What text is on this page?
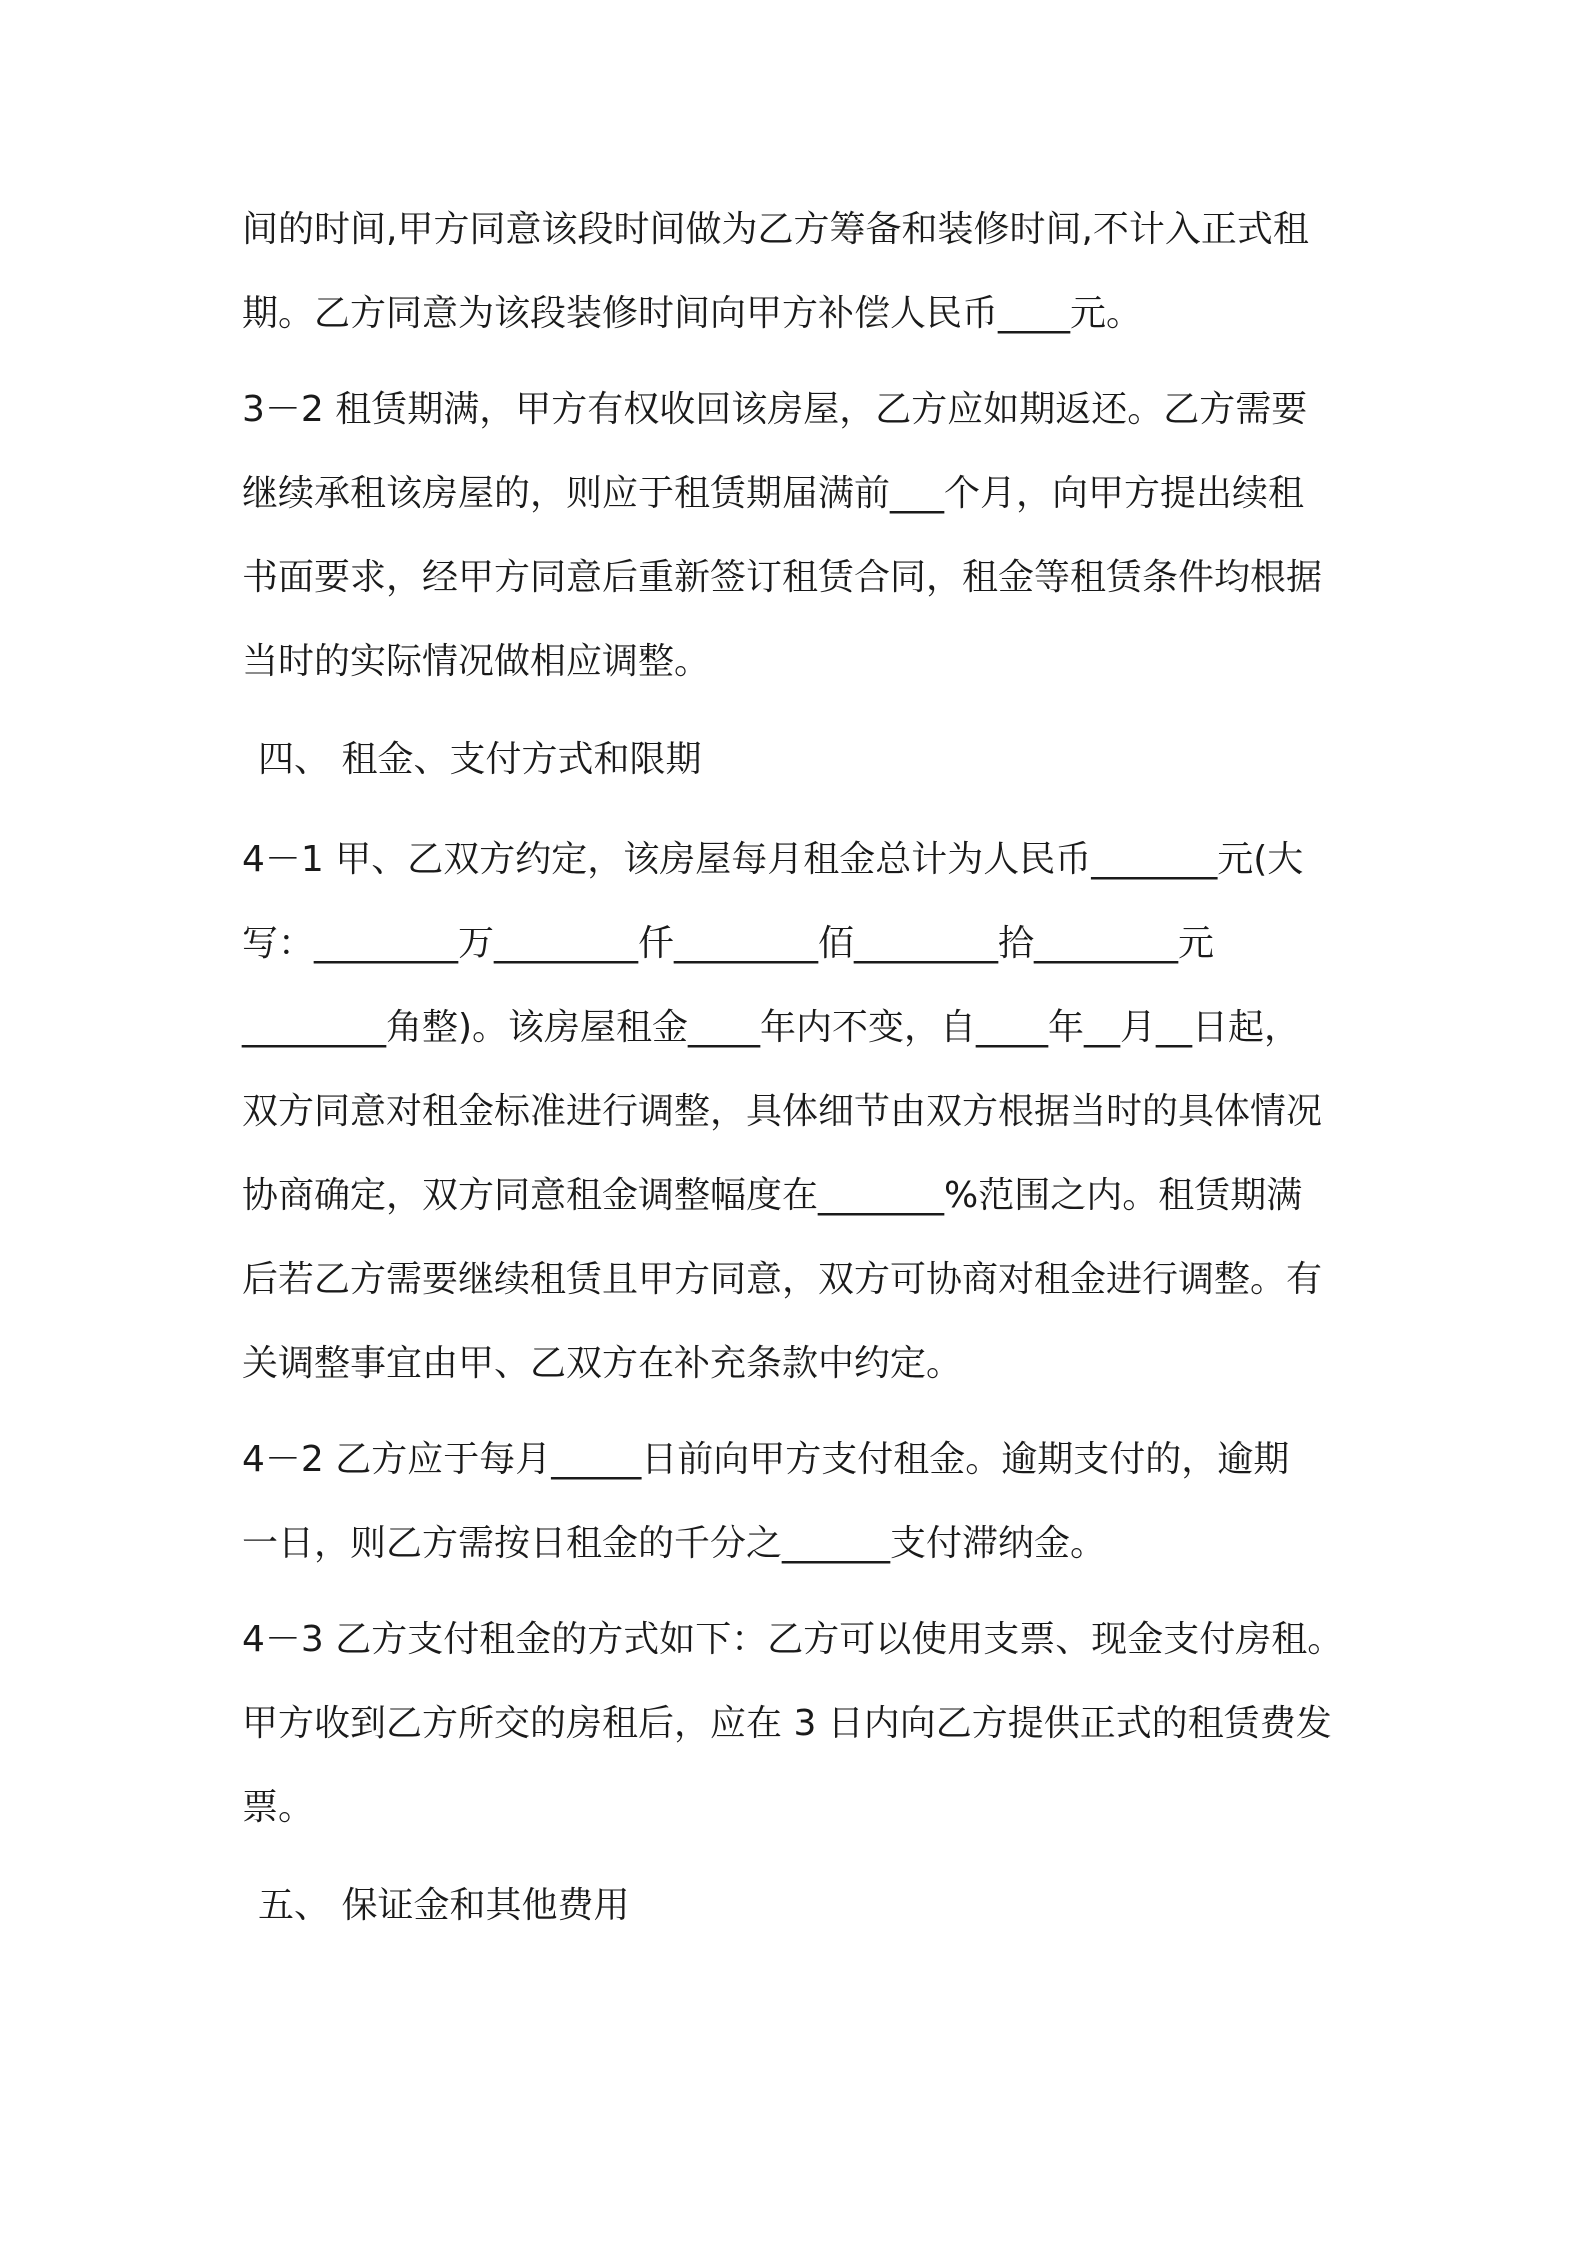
间的时间,甲方同意该段时间做为乙方筹备和装修时间,不计入正式租
期。乙方同意为该段装修时间向甲方补偿人民币____元。
3－2 租赁期满，甲方有权收回该房屋，乙方应如期返还。乙方需要
继续承租该房屋的，则应于租赁期届满前___个月，向甲方提出续租
书面要求，经甲方同意后重新签订租赁合同，租金等租赁条件均根据
当时的实际情况做相应调整。
四、 租金、支付方式和限期
4－1 甲、乙双方约定，该房屋每月租金总计为人民币_______元(大
写：________万________仟________佰________拾________元
________角整)。该房屋租金____年内不变，自____年__月__日起，
双方同意对租金标准进行调整，具体细节由双方根据当时的具体情况
协商确定，双方同意租金调整幅度在_______%范围之内。租赁期满
后若乙方需要继续租赁且甲方同意，双方可协商对租金进行调整。有
关调整事宜由甲、乙双方在补充条款中约定。
4－2 乙方应于每月_____日前向甲方支付租金。逾期支付的，逾期
一日，则乙方需按日租金的千分之______支付滞纳金。
4－3 乙方支付租金的方式如下：乙方可以使用支票、现金支付房租。
甲方收到乙方所交的房租后，应在 3 日内向乙方提供正式的租赁费发
票。
五、 保证金和其他费用
